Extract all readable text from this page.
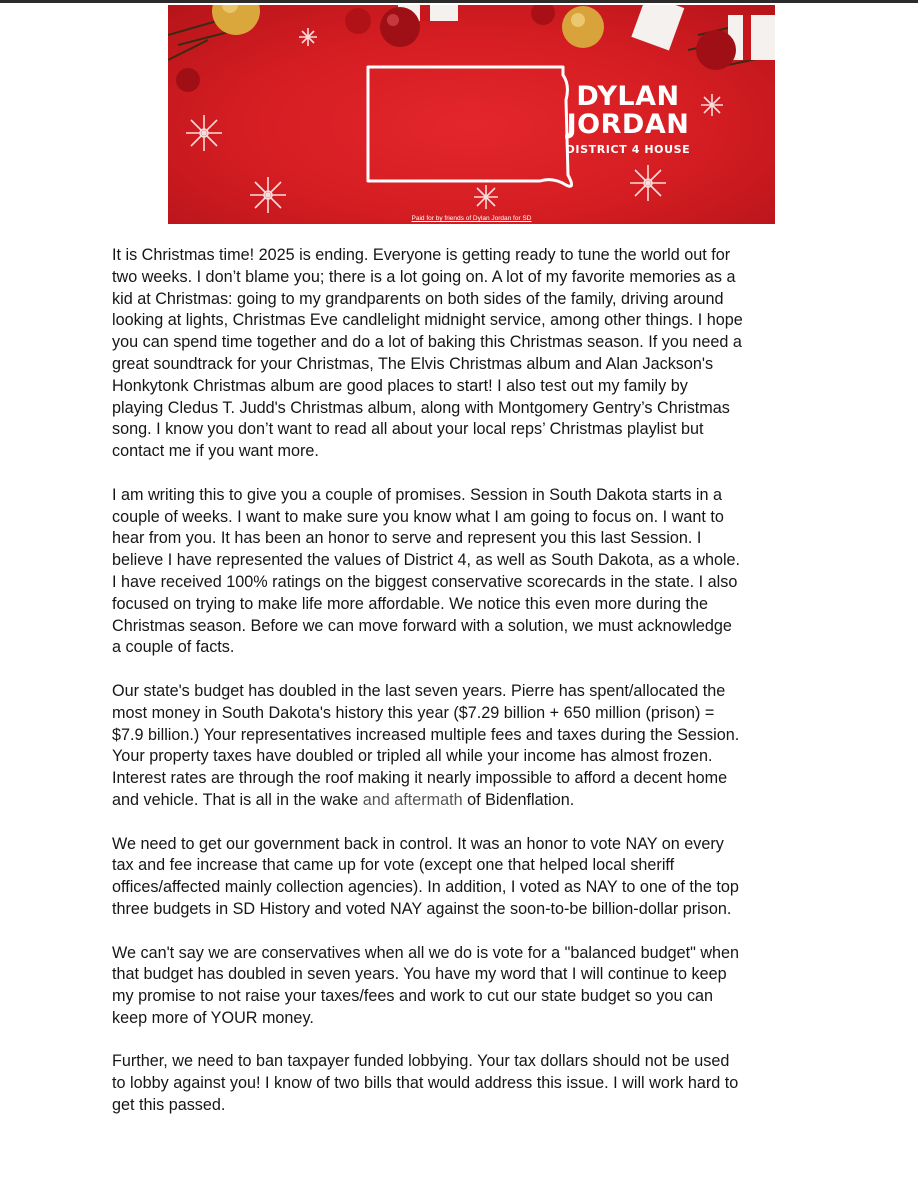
DYLAN
JORDAN
DISTRICT 4 HOUSE
Paid for by friends of Dylan Jordan for SD

It is Christmas time! 2025 is ending. Everyone is getting ready to tune the world out for
two weeks. I don’t blame you; there is a lot going on. A lot of my favorite memories as a
kid at Christmas: going to my grandparents on both sides of the family, driving around
looking at lights, Christmas Eve candlelight midnight service, among other things. I hope
you can spend time together and do a lot of baking this Christmas season. If you need a
great soundtrack for your Christmas, The Elvis Christmas album and Alan Jackson's
Honkytonk Christmas album are good places to start! I also test out my family by
playing Cledus T. Judd's Christmas album, along with Montgomery Gentry’s Christmas
song. I know you don’t want to read all about your local reps’ Christmas playlist but
contact me if you want more.

I am writing this to give you a couple of promises. Session in South Dakota starts in a
couple of weeks. I want to make sure you know what I am going to focus on. I want to
hear from you. It has been an honor to serve and represent you this last Session. I
believe I have represented the values of District 4, as well as South Dakota, as a whole.
I have received 100% ratings on the biggest conservative scorecards in the state. I also
focused on trying to make life more affordable. We notice this even more during the
Christmas season. Before we can move forward with a solution, we must acknowledge
a couple of facts.

Our state's budget has doubled in the last seven years. Pierre has spent/allocated the
most money in South Dakota's history this year ($7.29 billion + 650 million (prison) =
$7.9 billion.) Your representatives increased multiple fees and taxes during the Session.
Your property taxes have doubled or tripled all while your income has almost frozen.
Interest rates are through the roof making it nearly impossible to afford a decent home
and vehicle. That is all in the wake and aftermath of Bidenflation.

We need to get our government back in control. It was an honor to vote NAY on every
tax and fee increase that came up for vote (except one that helped local sheriff
offices/affected mainly collection agencies). In addition, I voted as NAY to one of the top
three budgets in SD History and voted NAY against the soon-to-be billion-dollar prison.

We can't say we are conservatives when all we do is vote for a "balanced budget" when
that budget has doubled in seven years. You have my word that I will continue to keep
my promise to not raise your taxes/fees and work to cut our state budget so you can
keep more of YOUR money.

Further, we need to ban taxpayer funded lobbying. Your tax dollars should not be used
to lobby against you! I know of two bills that would address this issue. I will work hard to
get this passed.
